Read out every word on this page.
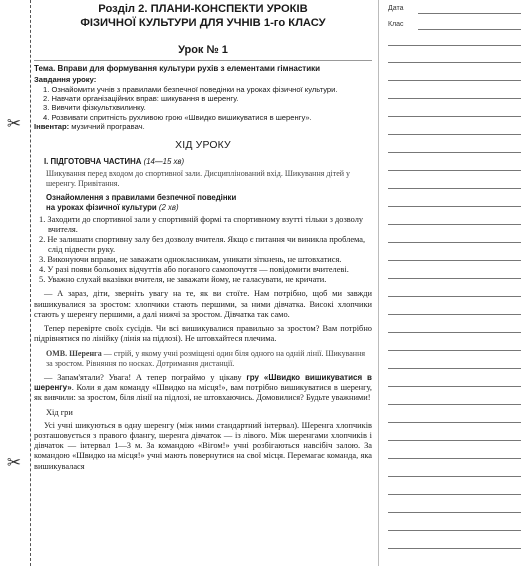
✂
✂

Розділ 2. ПЛАНИ-КОНСПЕКТИ УРОКІВ

ФІЗИЧНОЇ КУЛЬТУРИ ДЛЯ УЧНІВ 1-го КЛАСУ

Урок № 1

Тема. Вправи для формування культури рухів з елементами гімнастики

Завдання уроку:

1. Ознайомити учнів з правилами безпечної поведінки на уроках фізичної культури.
2. Навчати організаційних вправ: шикування в шеренгу.
3. Вивчити фізкультхвилинку.
4. Розвивати спритність рухливою грою «Швидко вишикуватися в шеренгу».

Інвентар: музичний програвач.

ХІД УРОКУ

І. ПІДГОТОВЧА ЧАСТИНА (14—15 хв)

Шикування перед входом до спортивної зали. Дисциплінований вхід. Шикування дітей у шеренгу. Привітання.

Ознайомлення з правилами безпечної поведінки
на уроках фізичної культури (2 хв)

1. Заходити до спортивної зали у спортивній формі та спортивному взутті тільки з дозволу вчителя.
2. Не залишати спортивну залу без дозволу вчителя. Якщо є питання чи виникла проблема, слід підвести руку.
3. Виконуючи вправи, не заважати однокласникам, уникати зіткнень, не штовхатися.
4. У разі появи больових відчуттів або поганого самопочуття — повідомити вчителеві.
5. Уважно слухай вказівки вчителя, не заважати йому, не галасувати, не кричати.

— А зараз, діти, зверніть увагу на те, як ви стоїте. Нам потрібно, щоб ми завжди вишикувалися за зростом: хлопчики стають першими, за ними дівчатка. Високі хлопчики стають у шеренгу першими, а далі нижчі за зростом. Дівчатка так само.

Тепер перевірте своїх сусідів. Чи всі вишикувалися правильно за зростом? Вам потрібно підрівнятися по лінійку (лінія на підлозі). Не штовхайтеся плечима.

ОМВ. Шеренга — стрій, у якому учні розміщені один біля одного на одній лінії. Шикування за зростом. Рівняння по носках. Дотримання дистанції.

— Запам'ятали? Увага! А тепер пограймо у цікаву гру «Швидко вишикуватися в шеренгу». Коли я дам команду «Швидко на місця!», вам потрібно вишикуватися в шеренгу, як вивчили: за зростом, біля лінії на підлозі, не штовхаючись. Домовилися? Будьте уважними!

Хід гри

Усі учні шикуються в одну шеренгу (між ними стандартний інтервал). Шеренга хлопчиків розташовується з правого флангу, шеренга дівчаток — із лівого. Між шеренгами хлопчиків і дівчаток — інтервал 1—3 м. За командою «Вігом!» учні розбігаються навсібіч залою. За командою «Швидко на місця!» учні мають повернутися на свої місця. Перемагає команда, яка вишикувалася

Дата
Клас
